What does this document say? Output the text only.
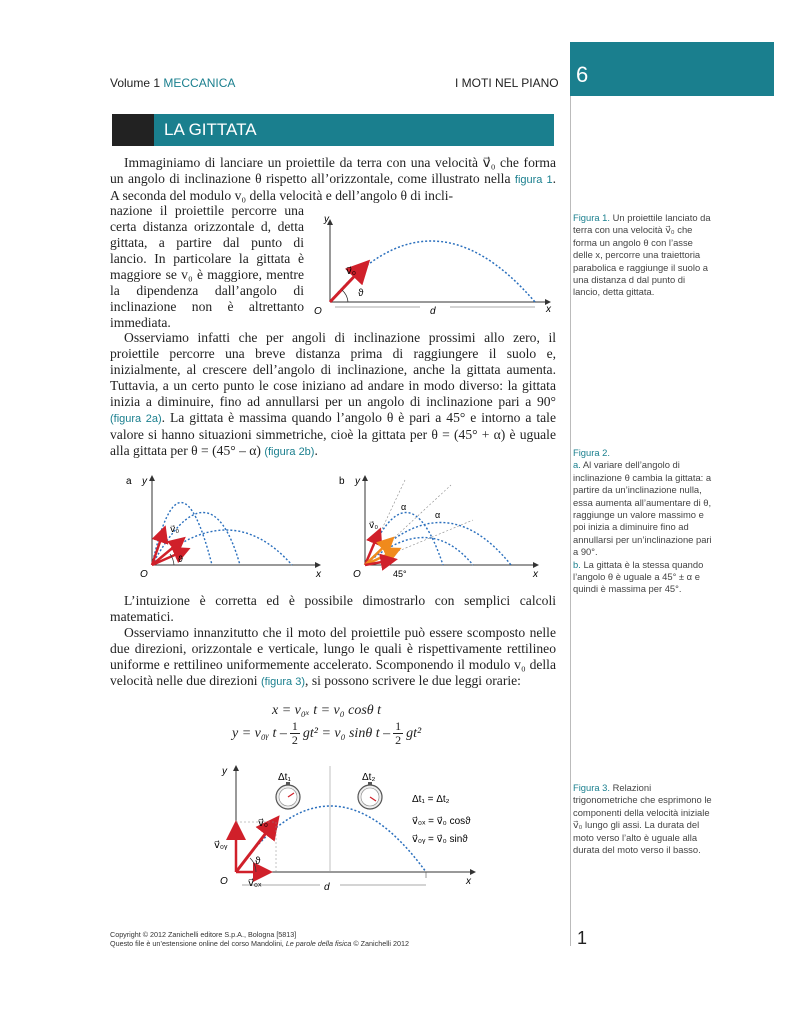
Volume 1 MECCANICA	I MOTI NEL PIANO 6
LA GITTATA
Immaginiamo di lanciare un proiettile da terra con una velocità v⃗₀ che forma un angolo di inclinazione θ rispetto all’orizzontale, come illustrato nella figura 1. A seconda del modulo v₀ della velocità e dell’angolo θ di incli-
nazione il proiettile percorre una certa distanza orizzontale d, detta gittata, a partire dal punto di lancio. In particolare la gittata è maggiore se v₀ è maggiore, mentre la dipendenza dall’angolo di inclinazione non è altrettanto immediata.
y
x
O	d
v⃗₀
ϑ
Figura 1. Un proiettile lanciato da terra con una velocità v⃗₀ che forma un angolo θ con l’asse delle x, percorre una traiettoria parabolica e raggiunge il suolo a una distanza d dal punto di lancio, detta gittata.
Osserviamo infatti che per angoli di inclinazione prossimi allo zero, il proiettile percorre una breve distanza prima di raggiungere il suolo e, inizialmente, al crescere dell’angolo di inclinazione, anche la gittata aumenta. Tuttavia, a un certo punto le cose iniziano ad andare in modo diverso: la gittata inizia a diminuire, fino ad annullarsi per un angolo di inclinazione pari a 90° (figura 2a). La gittata è massima quando l’angolo θ è pari a 45° e intorno a tale valore si hanno situazioni simmetriche, cioè la gittata per θ = (45° + α) è uguale alla gittata per θ = (45° – α) (figura 2b).
a y
x
O
v⃗₀
ϑ
b y
x
O
v⃗₀
α
α
45°
Figura 2.
a. Al variare dell’angolo di inclinazione θ cambia la gittata: a partire da un’inclinazione nulla, essa aumenta all’aumentare di θ, raggiunge un valore massimo e poi inizia a diminuire fino ad annullarsi per un’inclinazione pari a 90°.
b. La gittata è la stessa quando l’angolo θ è uguale a 45° ± α e quindi è massima per 45°.
L’intuizione è corretta ed è possibile dimostrarlo con semplici calcoli matematici.
Osserviamo innanzitutto che il moto del proiettile può essere scomposto nelle due direzioni, orizzontale e verticale, lungo le quali è rispettivamente rettilineo uniforme e rettilineo uniformemente accelerato. Scomponendo il modulo v₀ della velocità nelle due direzioni (figura 3), si possono scrivere le due leggi orarie:
x = v₀ₓ t = v₀ cosθ t
y = v₀ᵧ t – 1
2 gt² = v₀ sinθ t – 1
2 gt²
y
x
O
d
Δt₁	Δt₂
Δt₁ = Δt₂
v⃗₀ₓ = v⃗₀ cosϑ
v⃗₀ᵧ = v⃗₀ sinϑ
v⃗₀
v⃗₀ᵧ
v⃗₀ₓ
ϑ
Figura 3. Relazioni trigonometriche che esprimono le componenti della velocità iniziale v⃗₀ lungo gli assi. La durata del moto verso l’alto è uguale alla durata del moto verso il basso.
Copyright © 2012 Zanichelli editore S.p.A., Bologna [5813]
Questo file è un’estensione online del corso Mandolini, Le parole della fisica © Zanichelli 2012	1
